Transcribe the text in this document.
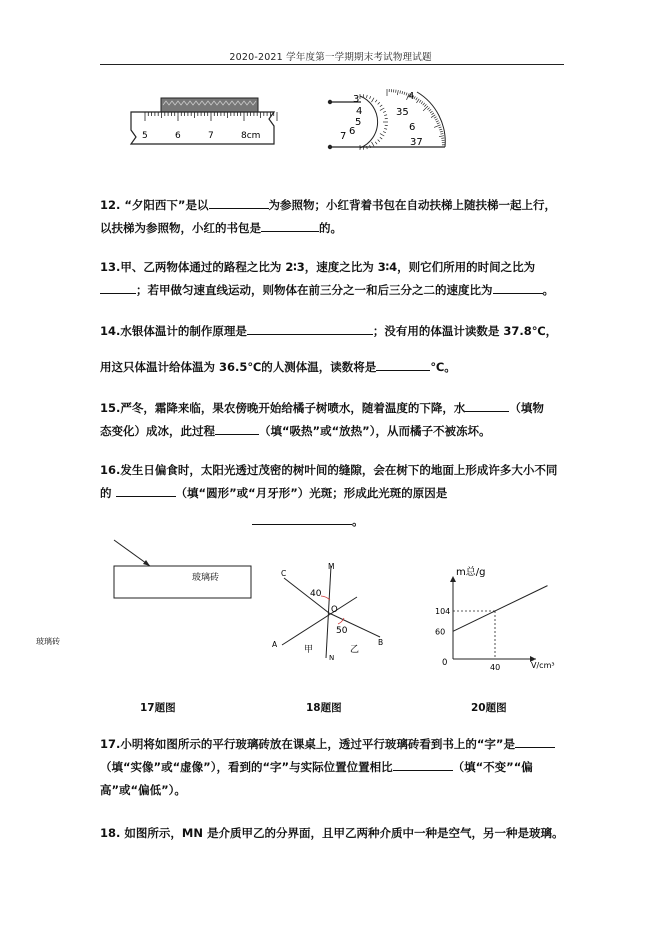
2020-2021 学年度第一学期期末考试物理试题
5	6	7	8cm
3
4
5
6
7
4
35
6
37
12. “夕阳西下”是以	为参照物；小红背着书包在自动扶梯上随扶梯一起上行，
以扶梯为参照物，小红的书包是	的。
13.甲、乙两物体通过的路程之比为 2∶3，速度之比为 3∶4，则它们所用的时间之比为
；若甲做匀速直线运动，则物体在前三分之一和后三分之二的速度比为	。
14.水银体温计的制作原理是	；没有用的体温计读数是 37.8℃，
用这只体温计给体温为 36.5℃的人测体温，读数将是	℃。
15.严冬，霜降来临，果农傍晚开始给橘子树喷水，随着温度的下降，水	（填物
态变化）成冰，此过程	（填“吸热”或“放热”），从而橘子不被冻坏。
16.发生日偏食时，太阳光透过茂密的树叶间的缝隙，会在树下的地面上形成许多大小不同
的	（填“圆形”或“月牙形”）光斑；形成此光斑的原因是
。
玻璃砖
玻璃砖
C
M
40
O
50
A	B
甲	乙
N
60
104
40
m总/g
V/cm³
0
17题图	18题图	20题图
17.小明将如图所示的平行玻璃砖放在课桌上，透过平行玻璃砖看到书上的“字”是
（填“实像”或“虚像”），看到的“字”与实际位置位置相比	（填“不变”“偏
高”或“偏低”）。
18. 如图所示，MN 是介质甲乙的分界面，且甲乙两种介质中一种是空气，另一种是玻璃。
